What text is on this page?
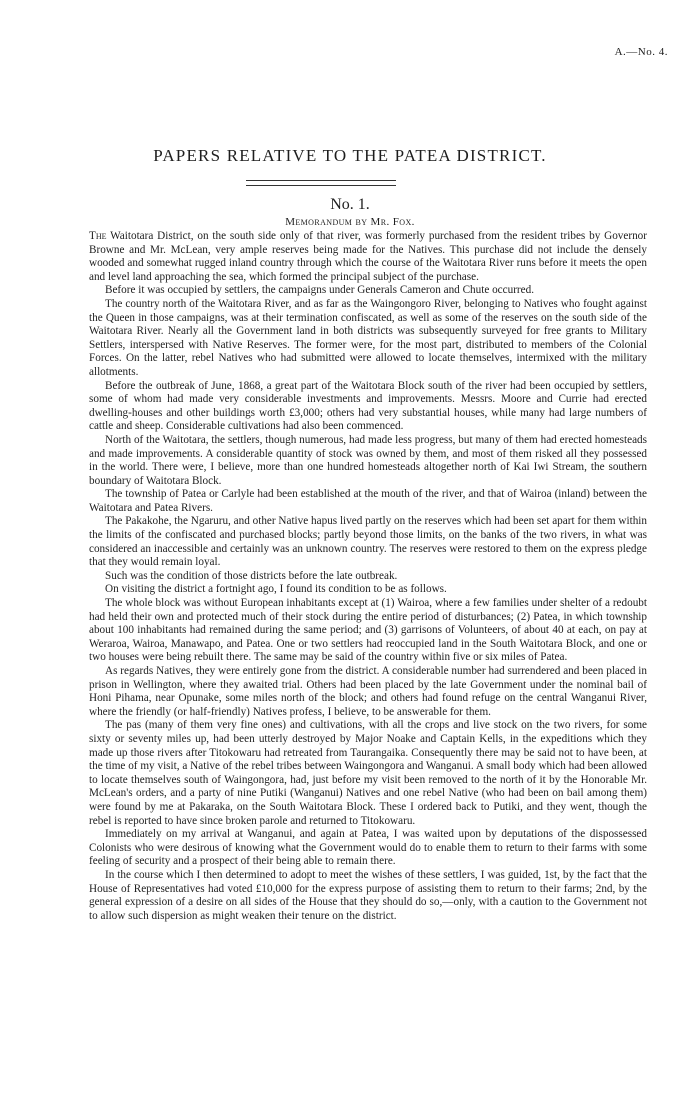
A.—No. 4.
PAPERS RELATIVE TO THE PATEA DISTRICT.
No. 1.
Memorandum by Mr. Fox.

The Waitotara District, on the south side only of that river, was formerly purchased from the resident tribes by Governor Browne and Mr. McLean, very ample reserves being made for the Natives. This purchase did not include the densely wooded and somewhat rugged inland country through which the course of the Waitotara River runs before it meets the open and level land approaching the sea, which formed the principal subject of the purchase.

Before it was occupied by settlers, the campaigns under Generals Cameron and Chute occurred.

The country north of the Waitotara River, and as far as the Waingongoro River, belonging to Natives who fought against the Queen in those campaigns, was at their termination confiscated, as well as some of the reserves on the south side of the Waitotara River. Nearly all the Government land in both districts was subsequently surveyed for free grants to Military Settlers, interspersed with Native Reserves. The former were, for the most part, distributed to members of the Colonial Forces. On the latter, rebel Natives who had submitted were allowed to locate themselves, intermixed with the military allotments.

Before the outbreak of June, 1868, a great part of the Waitotara Block south of the river had been occupied by settlers, some of whom had made very considerable investments and improvements. Messrs. Moore and Currie had erected dwelling-houses and other buildings worth £3,000; others had very substantial houses, while many had large numbers of cattle and sheep. Considerable cultivations had also been commenced.

North of the Waitotara, the settlers, though numerous, had made less progress, but many of them had erected homesteads and made improvements. A considerable quantity of stock was owned by them, and most of them risked all they possessed in the world. There were, I believe, more than one hundred homesteads altogether north of Kai Iwi Stream, the southern boundary of Waitotara Block.

The township of Patea or Carlyle had been established at the mouth of the river, and that of Wairoa (inland) between the Waitotara and Patea Rivers.

The Pakakohe, the Ngaruru, and other Native hapus lived partly on the reserves which had been set apart for them within the limits of the confiscated and purchased blocks; partly beyond those limits, on the banks of the two rivers, in what was considered an inaccessible and certainly was an unknown country. The reserves were restored to them on the express pledge that they would remain loyal.

Such was the condition of those districts before the late outbreak.

On visiting the district a fortnight ago, I found its condition to be as follows.

The whole block was without European inhabitants except at (1) Wairoa, where a few families under shelter of a redoubt had held their own and protected much of their stock during the entire period of disturbances; (2) Patea, in which township about 100 inhabitants had remained during the same period; and (3) garrisons of Volunteers, of about 40 at each, on pay at Weraroa, Wairoa, Manawapo, and Patea. One or two settlers had reoccupied land in the South Waitotara Block, and one or two houses were being rebuilt there. The same may be said of the country within five or six miles of Patea.

As regards Natives, they were entirely gone from the district. A considerable number had surrendered and been placed in prison in Wellington, where they awaited trial. Others had been placed by the late Government under the nominal bail of Honi Pihama, near Opunake, some miles north of the block; and others had found refuge on the central Wanganui River, where the friendly (or half-friendly) Natives profess, I believe, to be answerable for them.

The pas (many of them very fine ones) and cultivations, with all the crops and live stock on the two rivers, for some sixty or seventy miles up, had been utterly destroyed by Major Noake and Captain Kells, in the expeditions which they made up those rivers after Titokowaru had retreated from Taurangaika. Consequently there may be said not to have been, at the time of my visit, a Native of the rebel tribes between Waingongora and Wanganui. A small body which had been allowed to locate themselves south of Waingongora, had, just before my visit been removed to the north of it by the Honorable Mr. McLean's orders, and a party of nine Putiki (Wanganui) Natives and one rebel Native (who had been on bail among them) were found by me at Pakaraka, on the South Waitotara Block. These I ordered back to Putiki, and they went, though the rebel is reported to have since broken parole and returned to Titokowaru.

Immediately on my arrival at Wanganui, and again at Patea, I was waited upon by deputations of the dispossessed Colonists who were desirous of knowing what the Government would do to enable them to return to their farms with some feeling of security and a prospect of their being able to remain there.

In the course which I then determined to adopt to meet the wishes of these settlers, I was guided, 1st, by the fact that the House of Representatives had voted £10,000 for the express purpose of assisting them to return to their farms; 2nd, by the general expression of a desire on all sides of the House that they should do so,—only, with a caution to the Government not to allow such dispersion as might weaken their tenure on the district.
